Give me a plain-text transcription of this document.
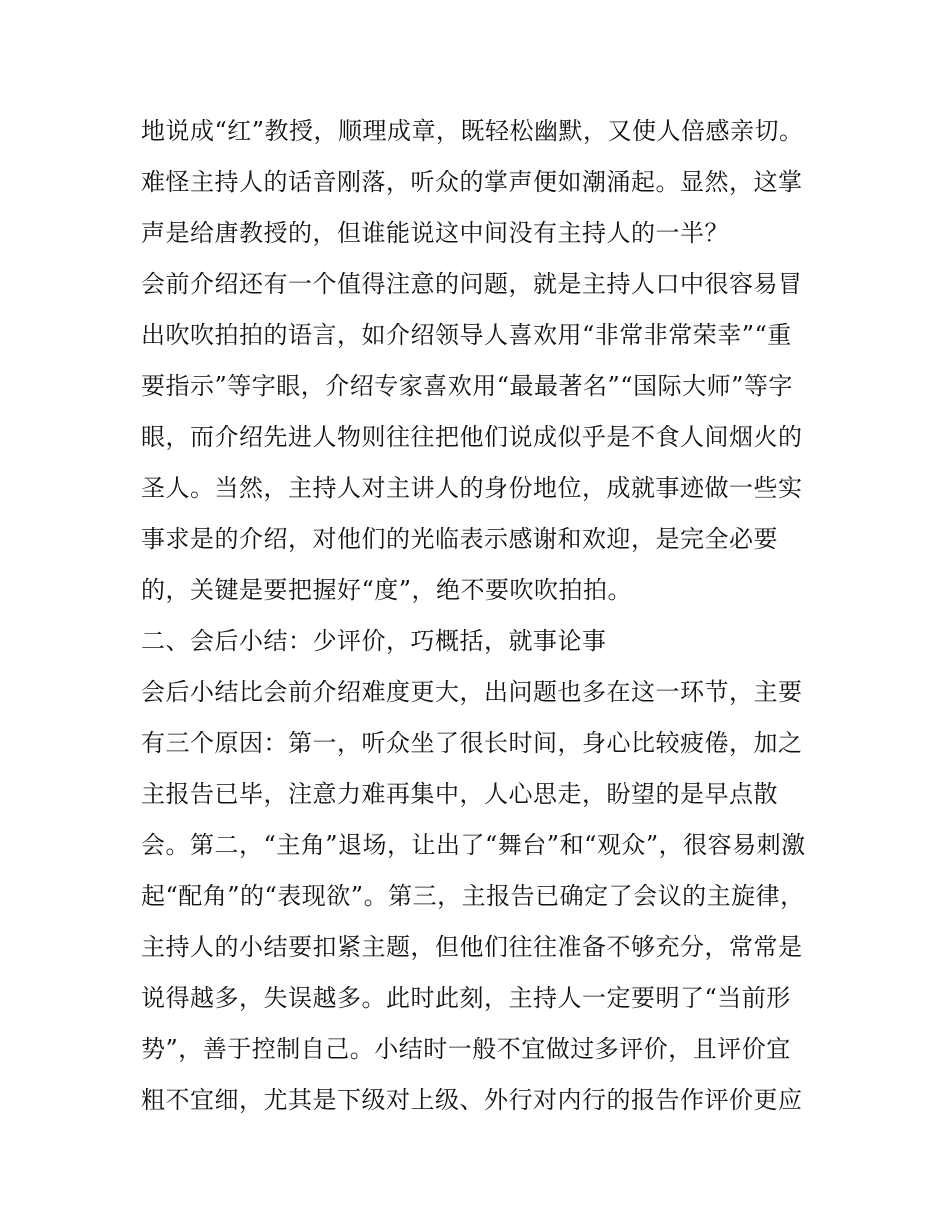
地说成“红”教授，顺理成章，既轻松幽默，又使人倍感亲切。
难怪主持人的话音刚落，听众的掌声便如潮涌起。显然，这掌
声是给唐教授的，但谁能说这中间没有主持人的一半？
会前介绍还有一个值得注意的问题，就是主持人口中很容易冒
出吹吹拍拍的语言，如介绍领导人喜欢用“非常非常荣幸”“重
要指示”等字眼，介绍专家喜欢用“最最著名”“国际大师”等字
眼，而介绍先进人物则往往把他们说成似乎是不食人间烟火的
圣人。当然，主持人对主讲人的身份地位，成就事迹做一些实
事求是的介绍，对他们的光临表示感谢和欢迎，是完全必要
的，关键是要把握好“度”，绝不要吹吹拍拍。
二、会后小结：少评价，巧概括，就事论事
会后小结比会前介绍难度更大，出问题也多在这一环节，主要
有三个原因：第一，听众坐了很长时间，身心比较疲倦，加之
主报告已毕，注意力难再集中，人心思走，盼望的是早点散
会。第二，“主角”退场，让出了“舞台”和“观众”，很容易刺激
起“配角”的“表现欲”。第三，主报告已确定了会议的主旋律，
主持人的小结要扣紧主题，但他们往往准备不够充分，常常是
说得越多，失误越多。此时此刻，主持人一定要明了“当前形
势”，善于控制自己。小结时一般不宜做过多评价，且评价宜
粗不宜细，尤其是下级对上级、外行对内行的报告作评价更应
